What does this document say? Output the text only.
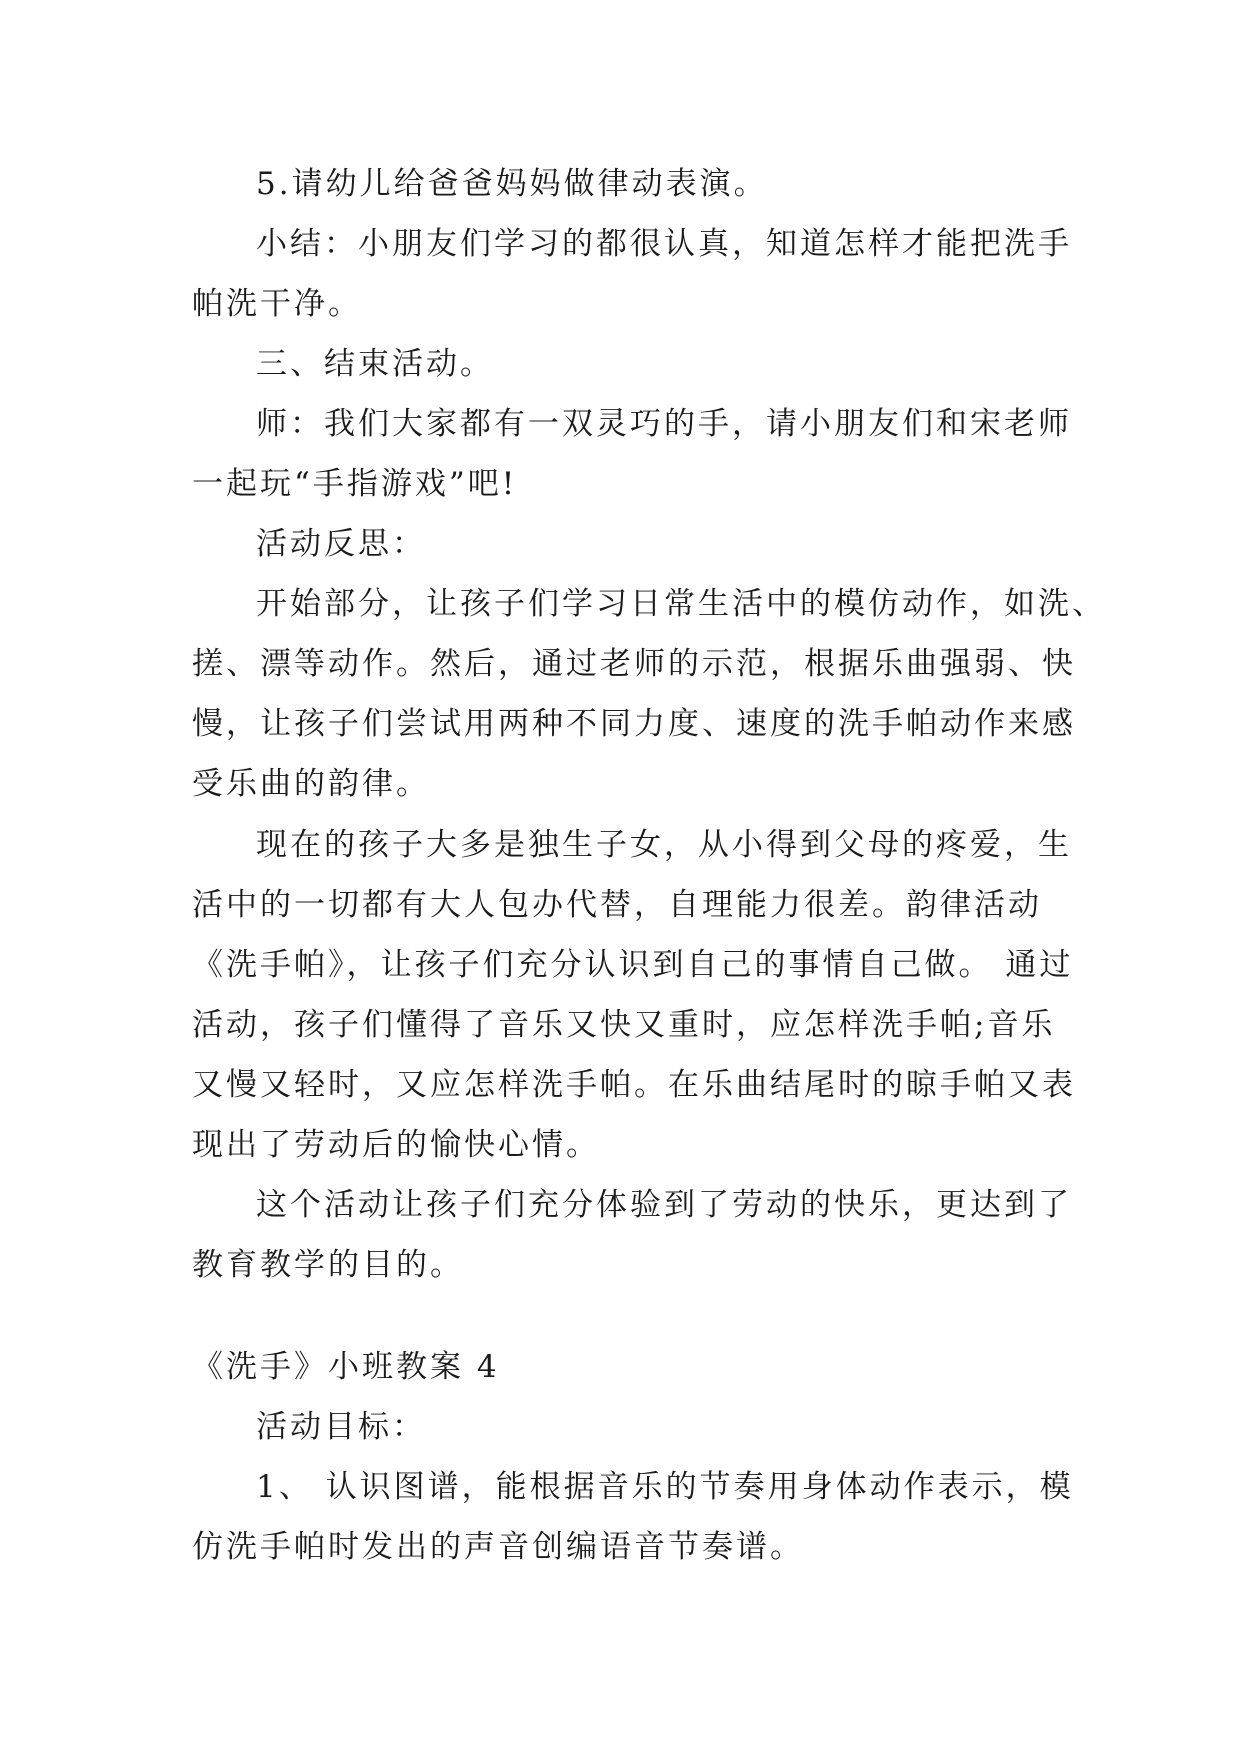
5.请幼儿给爸爸妈妈做律动表演。
小结：小朋友们学习的都很认真，知道怎样才能把洗手
帕洗干净。
三、结束活动。
师：我们大家都有一双灵巧的手，请小朋友们和宋老师
一起玩“手指游戏”吧!
活动反思：
开始部分，让孩子们学习日常生活中的模仿动作，如洗、
搓、漂等动作。然后，通过老师的示范，根据乐曲强弱、快
慢，让孩子们尝试用两种不同力度、速度的洗手帕动作来感
受乐曲的韵律。
现在的孩子大多是独生子女，从小得到父母的疼爱，生
活中的一切都有大人包办代替，自理能力很差。韵律活动
《洗手帕》，让孩子们充分认识到自己的事情自己做。 通过
活动，孩子们懂得了音乐又快又重时，应怎样洗手帕;音乐
又慢又轻时，又应怎样洗手帕。在乐曲结尾时的晾手帕又表
现出了劳动后的愉快心情。
这个活动让孩子们充分体验到了劳动的快乐，更达到了
教育教学的目的。
《洗手》小班教案 4
活动目标：
1、 认识图谱，能根据音乐的节奏用身体动作表示，模
仿洗手帕时发出的声音创编语音节奏谱。
